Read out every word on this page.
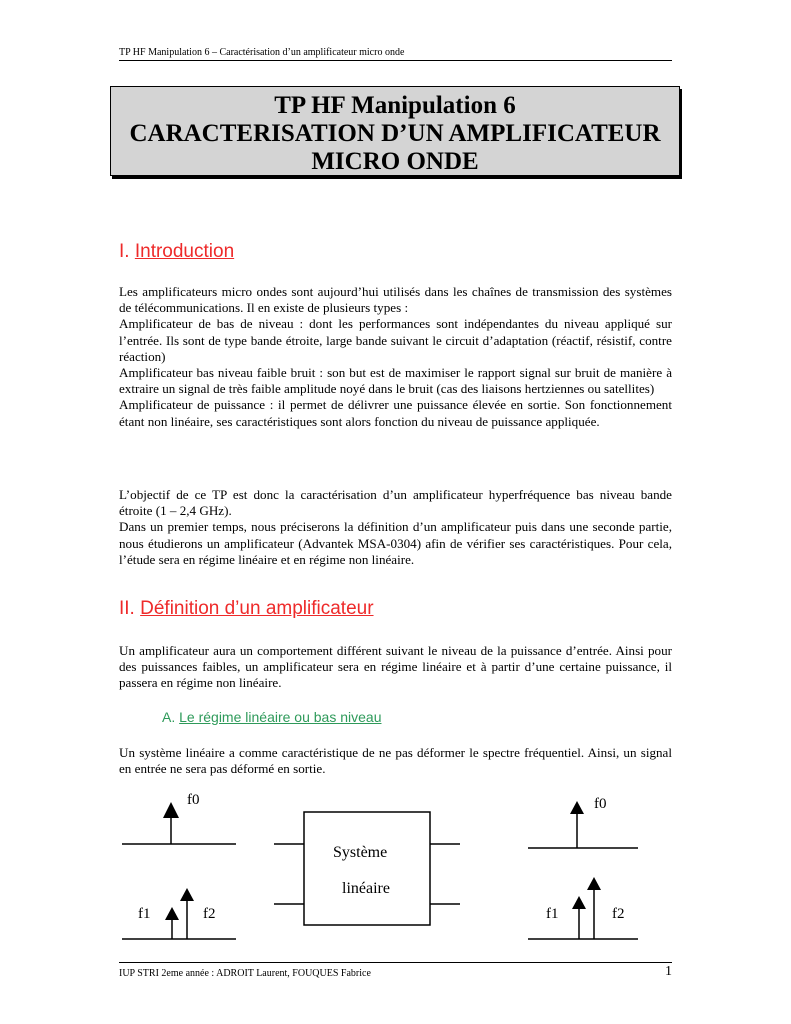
TP HF Manipulation 6 – Caractérisation d’un amplificateur micro onde
TP HF Manipulation 6
CARACTERISATION D’UN AMPLIFICATEUR
MICRO ONDE
I. Introduction

Les amplificateurs micro ondes sont aujourd’hui utilisés dans les chaînes de transmission des systèmes de télécommunications. Il en existe de plusieurs types :

Amplificateur de bas de niveau : dont les performances sont indépendantes du niveau appliqué sur l’entrée. Ils sont de type bande étroite, large bande suivant le circuit d’adaptation (réactif, résistif, contre réaction)

Amplificateur bas niveau faible bruit : son but est de maximiser le rapport signal sur bruit de manière à extraire un signal de très faible amplitude noyé dans le bruit (cas des liaisons hertziennes ou satellites)

Amplificateur de puissance : il permet de délivrer une puissance élevée en sortie. Son fonctionnement étant non linéaire, ses caractéristiques sont alors fonction du niveau de puissance appliquée.

L’objectif de ce TP est donc la caractérisation d’un amplificateur hyperfréquence bas niveau bande étroite (1 – 2,4 GHz).

Dans un premier temps, nous préciserons la définition d’un amplificateur puis dans une seconde partie, nous étudierons un amplificateur (Advantek MSA-0304) afin de vérifier ses caractéristiques. Pour cela, l’étude sera en régime linéaire et en régime non linéaire.

II. Définition d’un amplificateur

Un amplificateur aura un comportement différent suivant le niveau de la puissance d’entrée. Ainsi pour des puissances faibles, un amplificateur sera en régime linéaire et à partir d’une certaine puissance, il passera en régime non linéaire.

A. Le régime linéaire ou bas niveau

Un système linéaire a comme caractéristique de ne pas déformer le spectre fréquentiel. Ainsi, un signal en entrée ne sera pas déformé en sortie.

f0
f1	f2
Système
linéaire
f0
f1	f2
IUP STRI 2eme année : ADROIT Laurent, FOUQUES Fabrice	1
